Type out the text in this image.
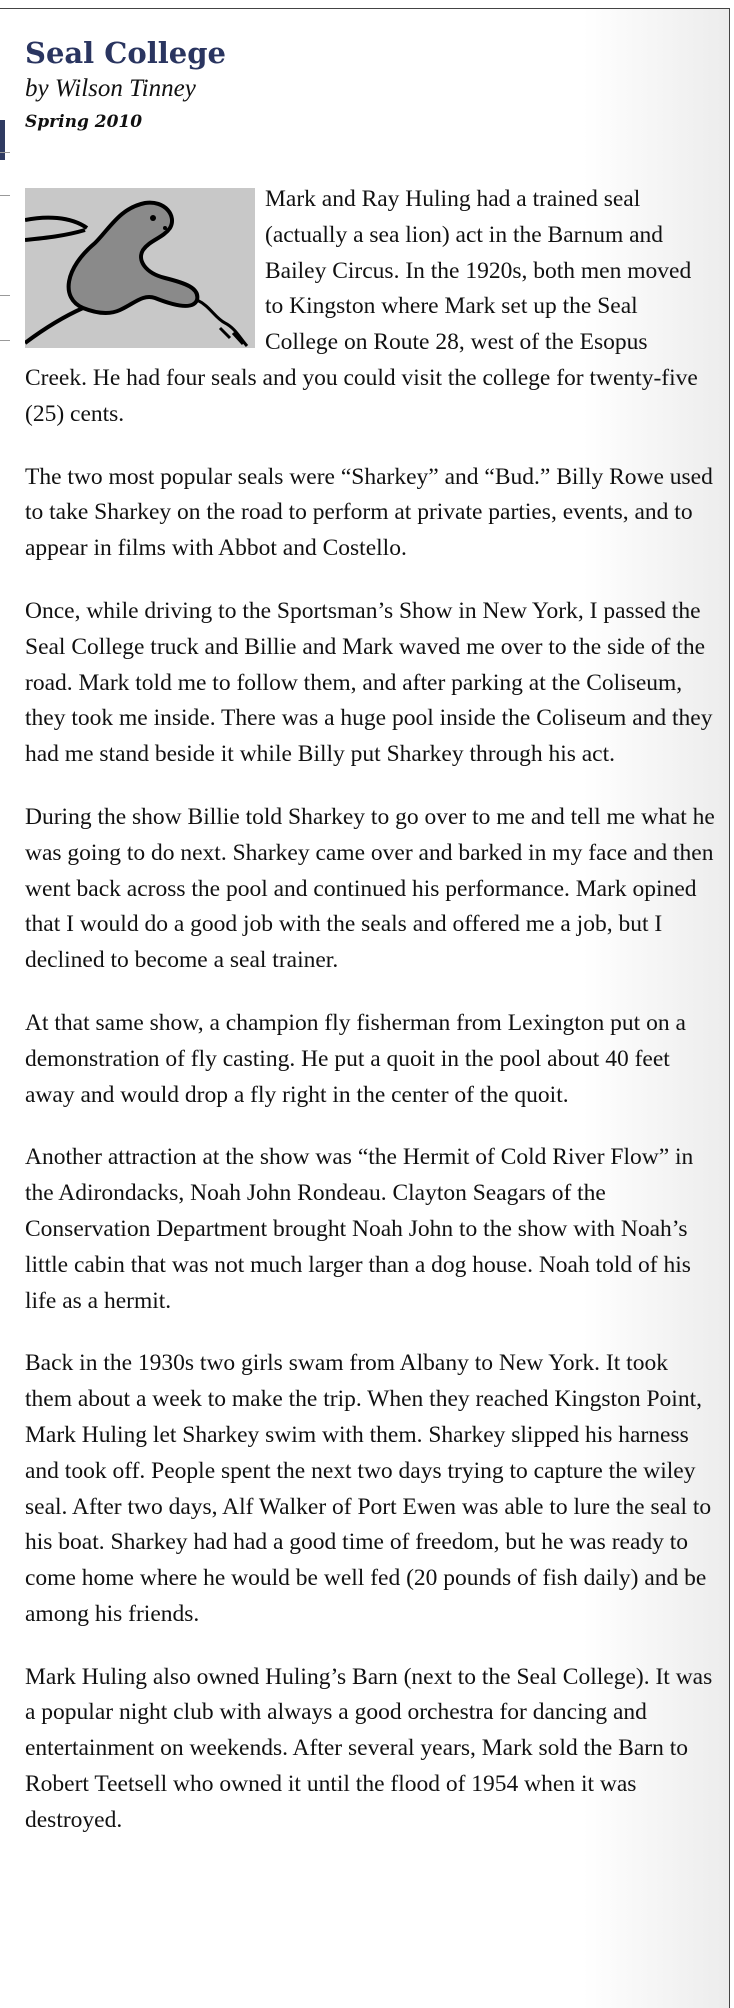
Seal College
by Wilson Tinney
Spring 2010

Mark and Ray Huling had a trained seal (actually a sea lion) act in the Barnum and Bailey Circus. In the 1920s, both men moved to Kingston where Mark set up the Seal College on Route 28, west of the Esopus Creek. He had four seals and you could visit the college for twenty-five (25) cents.

The two most popular seals were “Sharkey” and “Bud.” Billy Rowe used to take Sharkey on the road to perform at private parties, events, and to appear in films with Abbot and Costello.

Once, while driving to the Sportsman’s Show in New York, I passed the Seal College truck and Billie and Mark waved me over to the side of the road. Mark told me to follow them, and after parking at the Coliseum, they took me inside. There was a huge pool inside the Coliseum and they had me stand beside it while Billy put Sharkey through his act.

During the show Billie told Sharkey to go over to me and tell me what he was going to do next. Sharkey came over and barked in my face and then went back across the pool and continued his performance. Mark opined that I would do a good job with the seals and offered me a job, but I declined to become a seal trainer.

At that same show, a champion fly fisherman from Lexington put on a demonstration of fly casting. He put a quoit in the pool about 40 feet away and would drop a fly right in the center of the quoit.

Another attraction at the show was “the Hermit of Cold River Flow” in the Adirondacks, Noah John Rondeau. Clayton Seagars of the Conservation Department brought Noah John to the show with Noah’s little cabin that was not much larger than a dog house. Noah told of his life as a hermit.

Back in the 1930s two girls swam from Albany to New York. It took them about a week to make the trip. When they reached Kingston Point, Mark Huling let Sharkey swim with them. Sharkey slipped his harness and took off. People spent the next two days trying to capture the wiley seal. After two days, Alf Walker of Port Ewen was able to lure the seal to his boat. Sharkey had had a good time of freedom, but he was ready to come home where he would be well fed (20 pounds of fish daily) and be among his friends.

Mark Huling also owned Huling’s Barn (next to the Seal College). It was a popular night club with always a good orchestra for dancing and entertainment on weekends. After several years, Mark sold the Barn to Robert Teetsell who owned it until the flood of 1954 when it was destroyed.
